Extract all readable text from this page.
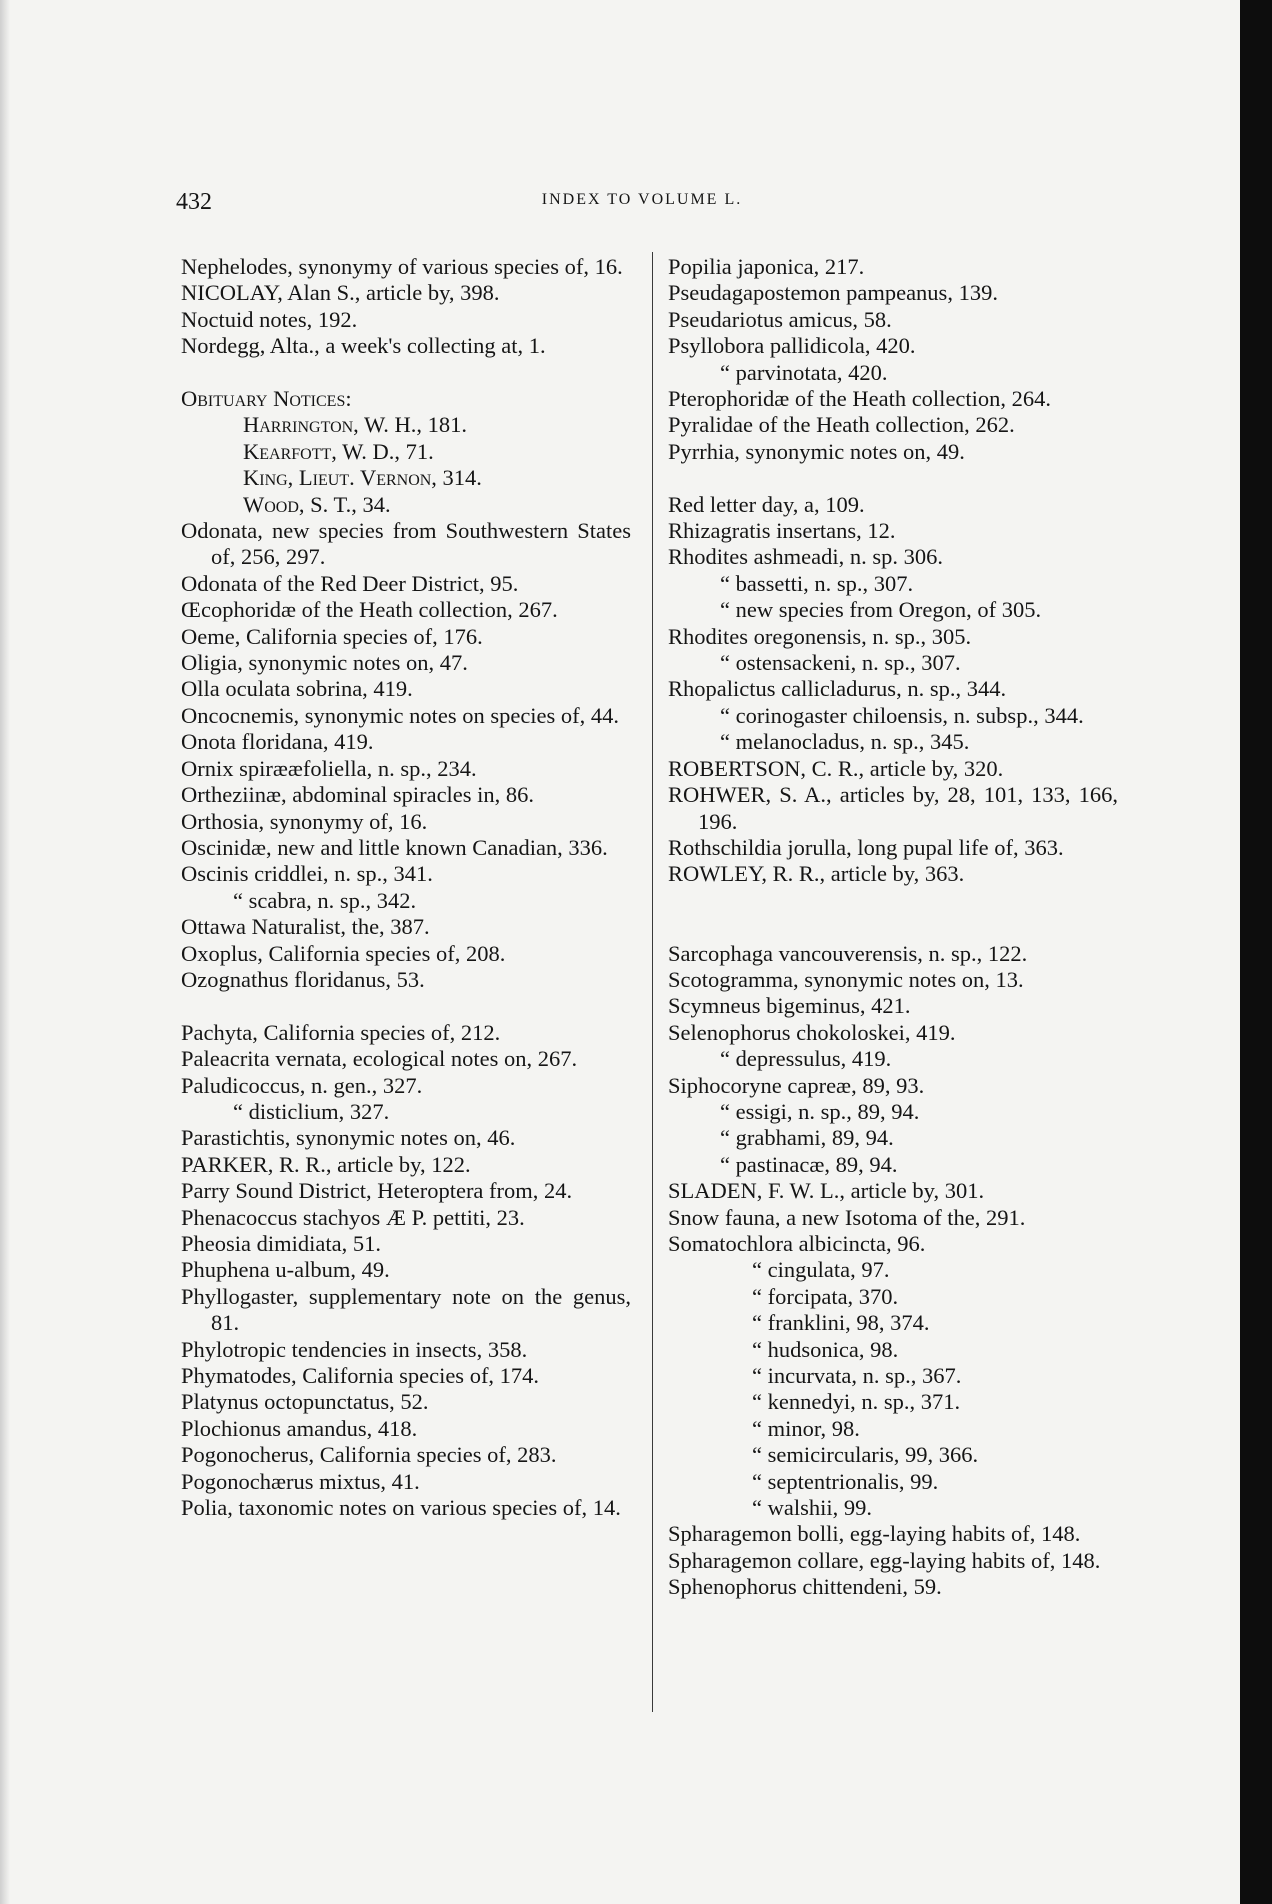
432	INDEX TO VOLUME L.
Nephelodes, synonymy of various species of, 16.
NICOLAY, Alan S., article by, 398.
Noctuid notes, 192.
Nordegg, Alta., a week's collecting at, 1.
Obituary Notices:
Harrington, W. H., 181.
Kearfott, W. D., 71.
King, Lieut. Vernon, 314.
Wood, S. T., 34.
Odonata, new species from Southwestern States of, 256, 297.
Odonata of the Red Deer District, 95.
Œcophoridæ of the Heath collection, 267.
Oeme, California species of, 176.
Oligia, synonymic notes on, 47.
Olla oculata sobrina, 419.
Oncocnemis, synonymic notes on species of, 44.
Onota floridana, 419.
Ornix spirææfoliella, n. sp., 234.
Ortheziinæ, abdominal spiracles in, 86.
Orthosia, synonymy of, 16.
Oscinidæ, new and little known Canadian, 336.
Oscinis criddlei, n. sp., 341.
“ scabra, n. sp., 342.
Ottawa Naturalist, the, 387.
Oxoplus, California species of, 208.
Ozognathus floridanus, 53.
Pachyta, California species of, 212.
Paleacrita vernata, ecological notes on, 267.
Paludicoccus, n. gen., 327.
“ disticlium, 327.
Parastichtis, synonymic notes on, 46.
PARKER, R. R., article by, 122.
Parry Sound District, Heteroptera from, 24.
Phenacoccus stachyos Æ P. pettiti, 23.
Pheosia dimidiata, 51.
Phuphena u-album, 49.
Phyllogaster, supplementary note on the genus, 81.
Phylotropic tendencies in insects, 358.
Phymatodes, California species of, 174.
Platynus octopunctatus, 52.
Plochionus amandus, 418.
Pogonocherus, California species of, 283.
Pogonochærus mixtus, 41.
Polia, taxonomic notes on various species of, 14.
Popilia japonica, 217.
Pseudagapostemon pampeanus, 139.
Pseudariotus amicus, 58.
Psyllobora pallidicola, 420.
“ parvinotata, 420.
Pterophoridæ of the Heath collection, 264.
Pyralidae of the Heath collection, 262.
Pyrrhia, synonymic notes on, 49.
Red letter day, a, 109.
Rhizagratis insertans, 12.
Rhodites ashmeadi, n. sp. 306.
“ bassetti, n. sp., 307.
“ new species from Oregon, of 305.
Rhodites oregonensis, n. sp., 305.
“ ostensackeni, n. sp., 307.
Rhopalictus callicladurus, n. sp., 344.
“ corinogaster chiloensis, n. subsp., 344.
“ melanocladus, n. sp., 345.
ROBERTSON, C. R., article by, 320.
ROHWER, S. A., articles by, 28, 101, 133, 166, 196.
Rothschildia jorulla, long pupal life of, 363.
ROWLEY, R. R., article by, 363.
Sarcophaga vancouverensis, n. sp., 122.
Scotogramma, synonymic notes on, 13.
Scymneus bigeminus, 421.
Selenophorus chokoloskei, 419.
“ depressulus, 419.
Siphocoryne capreæ, 89, 93.
“ essigi, n. sp., 89, 94.
“ grabhami, 89, 94.
“ pastinacæ, 89, 94.
SLADEN, F. W. L., article by, 301.
Snow fauna, a new Isotoma of the, 291.
Somatochlora albicincta, 96.
“ cingulata, 97.
“ forcipata, 370.
“ franklini, 98, 374.
“ hudsonica, 98.
“ incurvata, n. sp., 367.
“ kennedyi, n. sp., 371.
“ minor, 98.
“ semicircularis, 99, 366.
“ septentrionalis, 99.
“ walshii, 99.
Spharagemon bolli, egg-laying habits of, 148.
Spharagemon collare, egg-laying habits of, 148.
Sphenophorus chittendeni, 59.
